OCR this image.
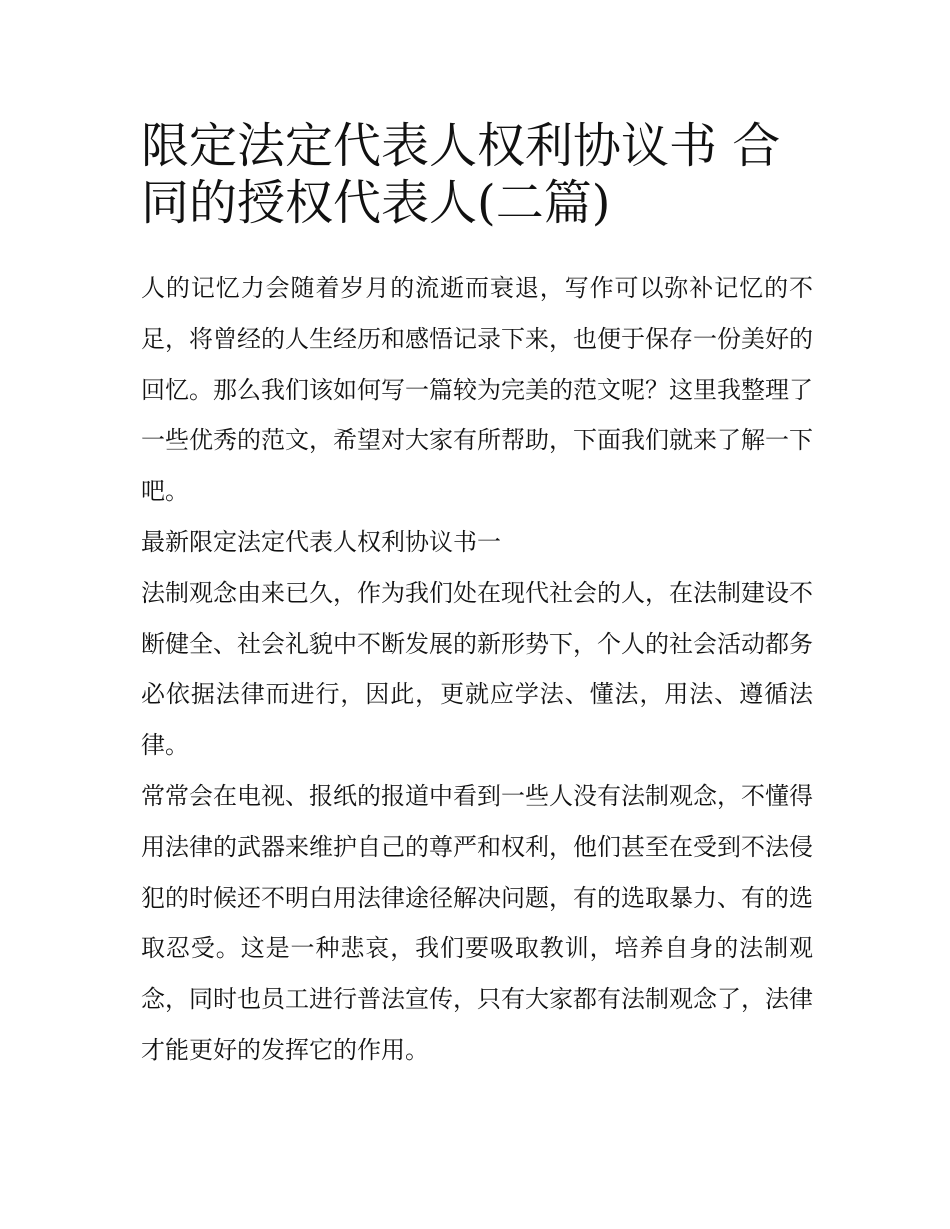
限定法定代表人权利协议书 合
同的授权代表人(二篇)

人的记忆力会随着岁月的流逝而衰退，写作可以弥补记忆的不足，将曾经的人生经历和感悟记录下来，也便于保存一份美好的回忆。那么我们该如何写一篇较为完美的范文呢？这里我整理了一些优秀的范文，希望对大家有所帮助，下面我们就来了解一下吧。

最新限定法定代表人权利协议书一

法制观念由来已久，作为我们处在现代社会的人，在法制建设不断健全、社会礼貌中不断发展的新形势下，个人的社会活动都务必依据法律而进行，因此，更就应学法、懂法，用法、遵循法律。

常常会在电视、报纸的报道中看到一些人没有法制观念，不懂得用法律的武器来维护自己的尊严和权利，他们甚至在受到不法侵犯的时候还不明白用法律途径解决问题，有的选取暴力、有的选取忍受。这是一种悲哀，我们要吸取教训，培养自身的法制观念，同时也员工进行普法宣传，只有大家都有法制观念了，法律才能更好的发挥它的作用。
